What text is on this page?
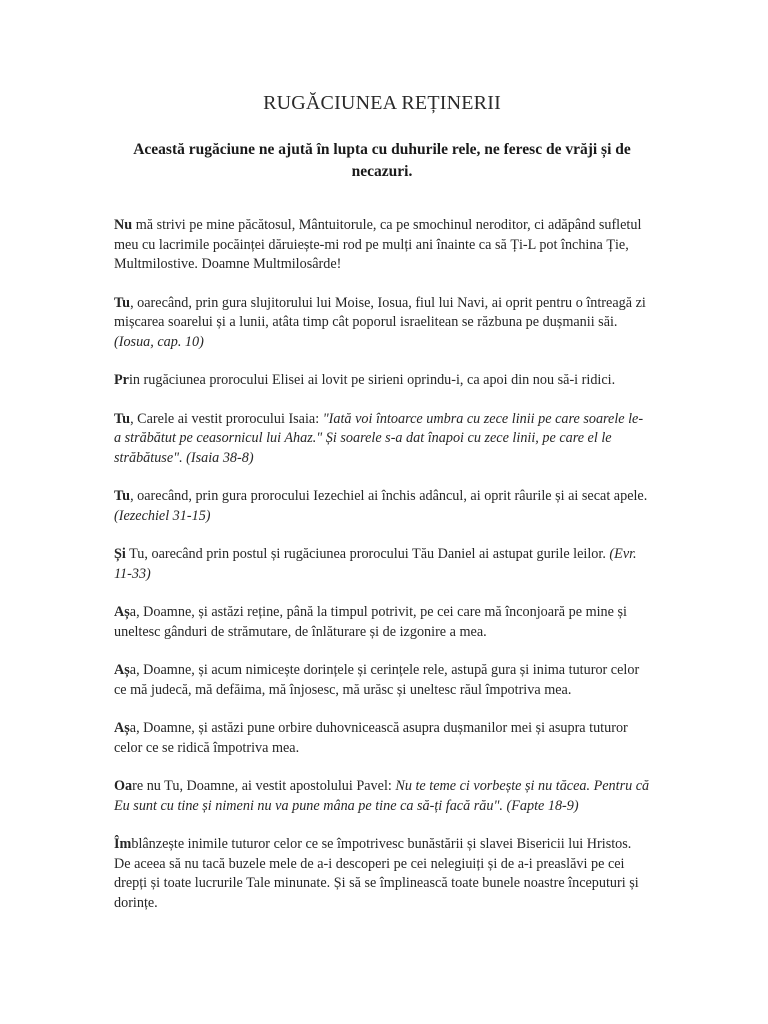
RUGĂCIUNEA REȚINERII

Această rugăciune ne ajută în lupta cu duhurile rele, ne feresc de vrăji și de necazuri.

Nu mă strivi pe mine păcătosul, Mântuitorule, ca pe smochinul neroditor, ci adăpând sufletul meu cu lacrimile pocăinței dăruiește-mi rod pe mulți ani înainte ca să Ți-L pot închina Ție, Multmilostive. Doamne Multmilosârde!

Tu, oarecând, prin gura slujitorului lui Moise, Iosua, fiul lui Navi, ai oprit pentru o întreagă zi mișcarea soarelui și a lunii, atâta timp cât poporul israelitean se răzbuna pe dușmanii săi. (Iosua, cap. 10)

Prin rugăciunea prorocului Elisei ai lovit pe sirieni oprindu-i, ca apoi din nou să-i ridici.

Tu, Carele ai vestit prorocului Isaia: "Iată voi întoarce umbra cu zece linii pe care soarele le-a străbătut pe ceasornicul lui Ahaz." Și soarele s-a dat înapoi cu zece linii, pe care el le străbătuse". (Isaia 38-8)

Tu, oarecând, prin gura prorocului Iezechiel ai închis adâncul, ai oprit râurile și ai secat apele. (Iezechiel 31-15)

Și Tu, oarecând prin postul și rugăciunea prorocului Tău Daniel ai astupat gurile leilor. (Evr. 11-33)

Așa, Doamne, și astăzi reține, până la timpul potrivit, pe cei care mă înconjoară pe mine și uneltesc gânduri de strămutare, de înlăturare și de izgonire a mea.

Așa, Doamne, și acum nimicește dorințele și cerințele rele, astupă gura și inima tuturor celor ce mă judecă, mă defăima, mă înjosesc, mă urăsc și uneltesc răul împotriva mea.

Așa, Doamne, și astăzi pune orbire duhovnicească asupra dușmanilor mei și asupra tuturor celor ce se ridică împotriva mea.

Oare nu Tu, Doamne, ai vestit apostolului Pavel: Nu te teme ci vorbește și nu tăcea. Pentru că Eu sunt cu tine și nimeni nu va pune mâna pe tine ca să-ți facă rău". (Fapte 18-9)

Îmblânzește inimile tuturor celor ce se împotrivesc bunăstării și slavei Bisericii lui Hristos. De aceea să nu tacă buzele mele de a-i descoperi pe cei nelegiuiți și de a-i preaslăvi pe cei drepți și toate lucrurile Tale minunate. Și să se împlinească toate bunele noastre începuturi și dorințe.
